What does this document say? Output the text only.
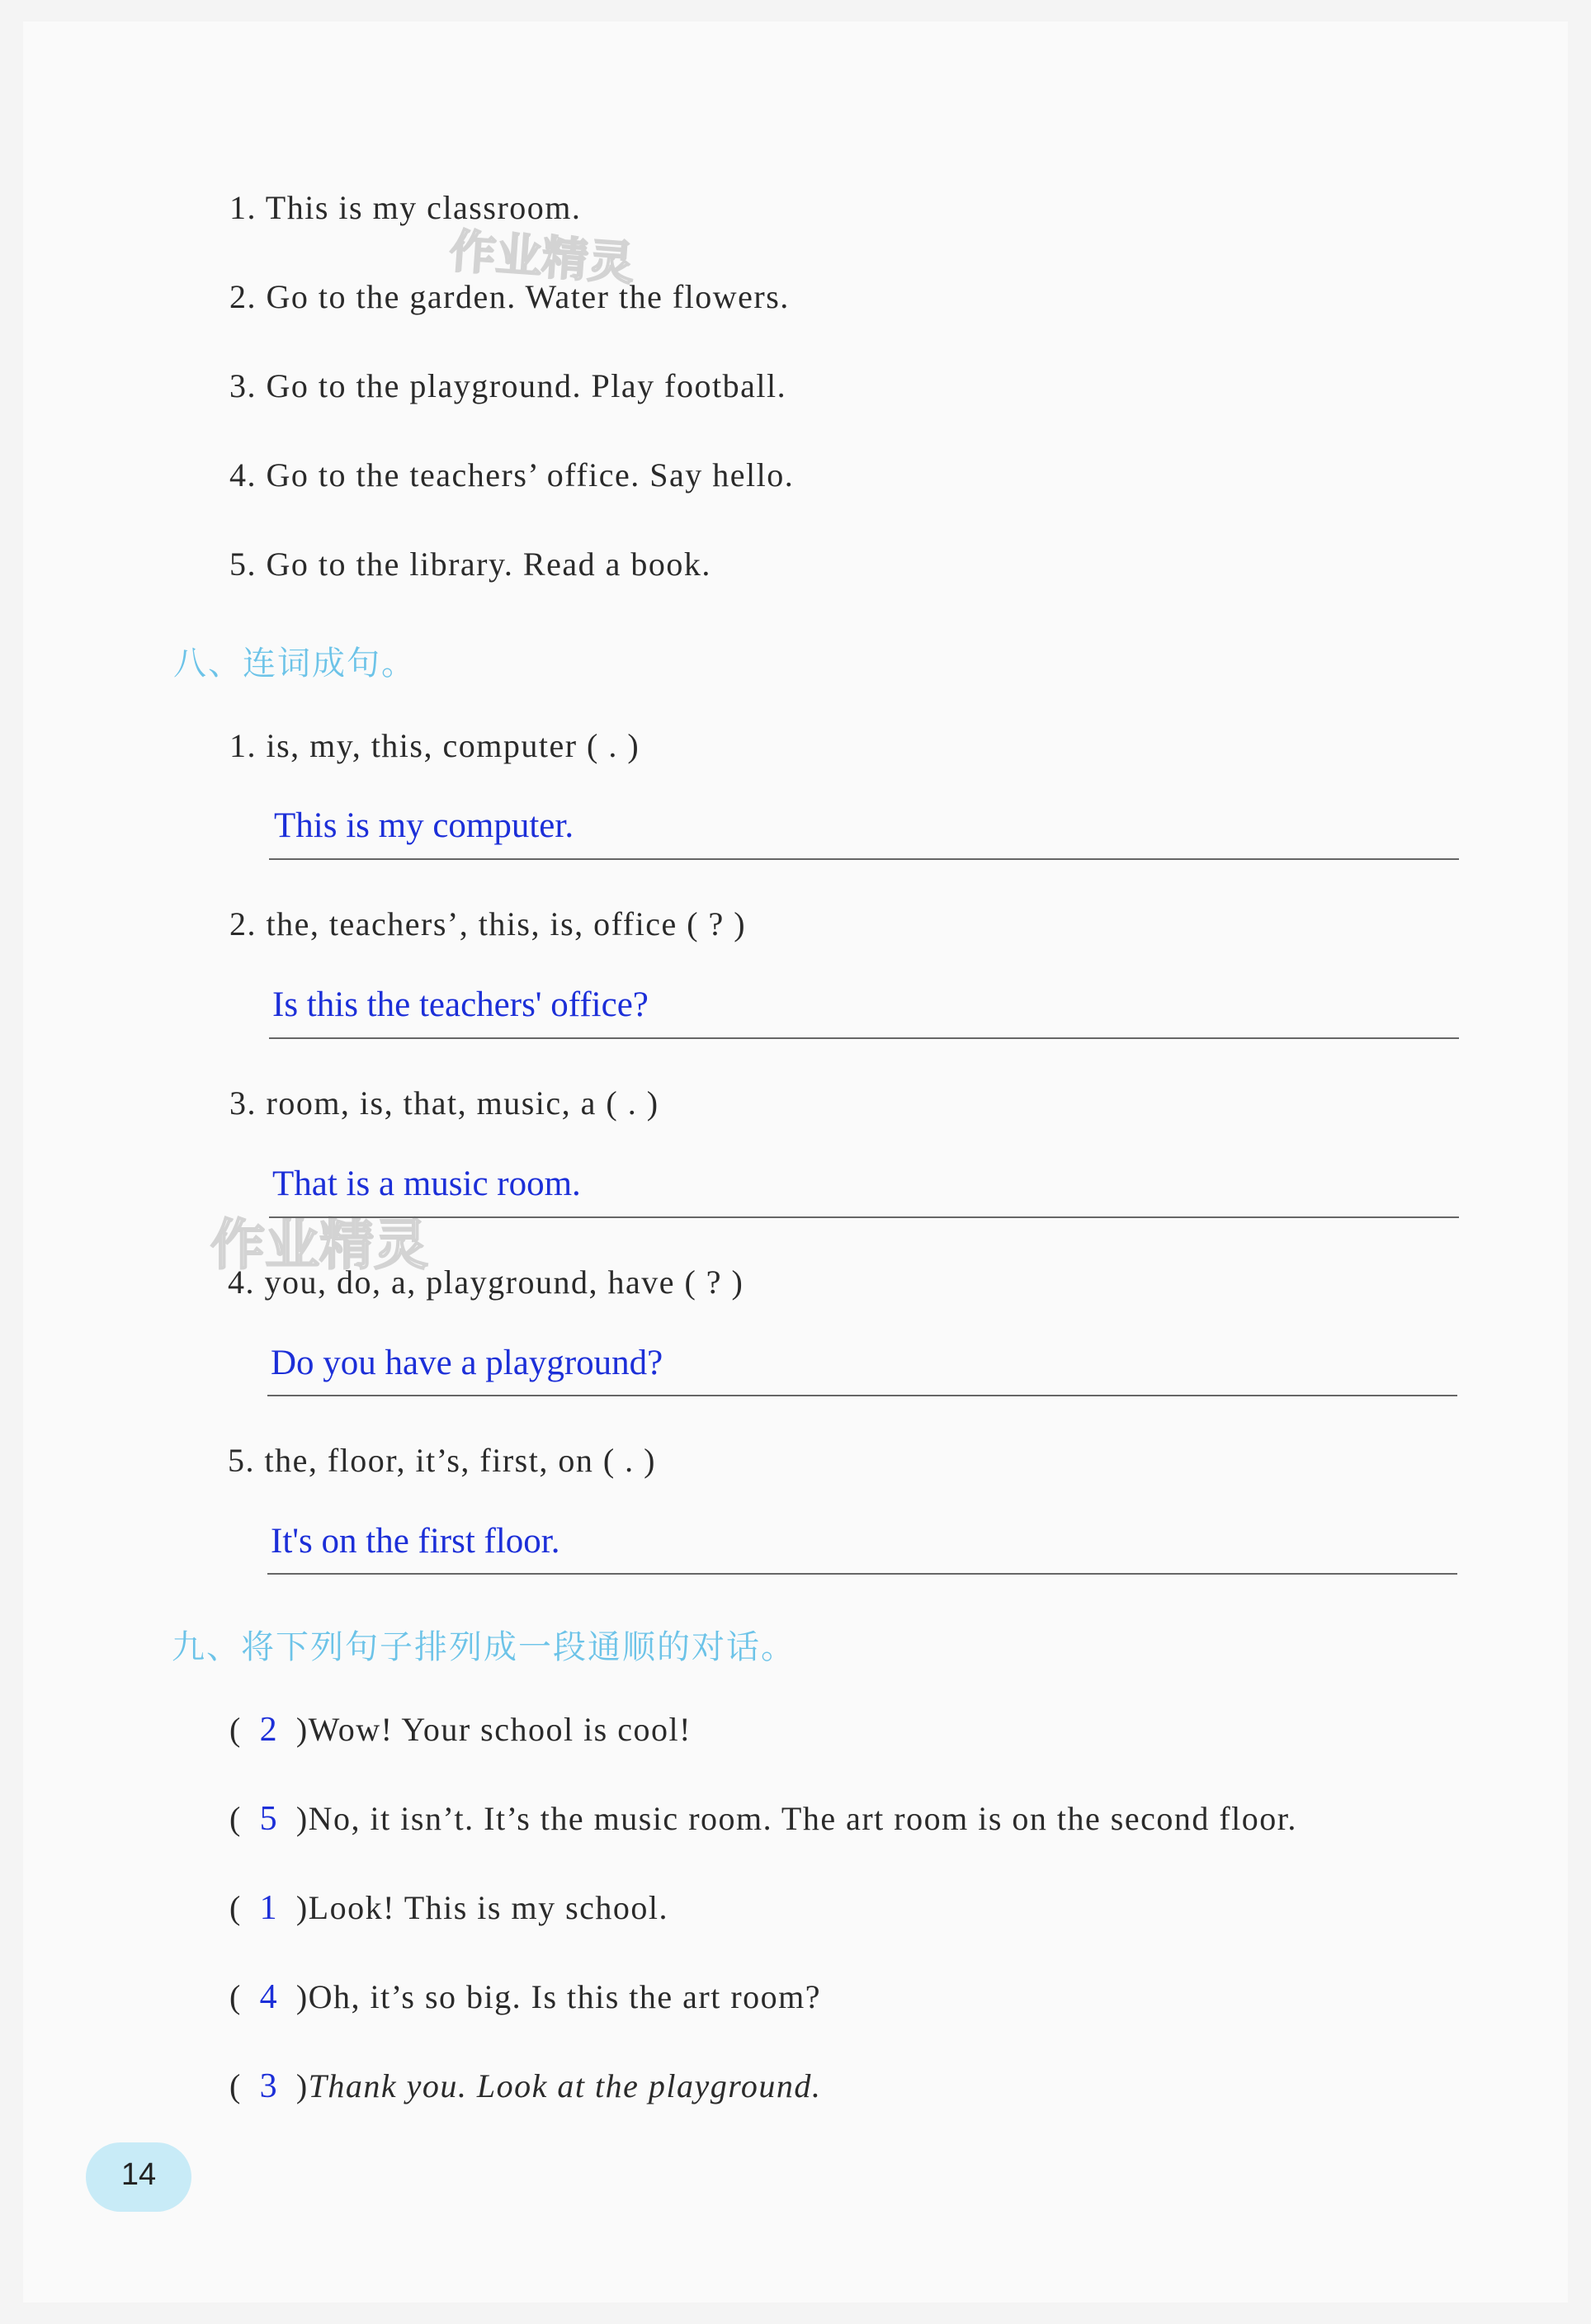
1. This is my classroom.
2. Go to the garden. Water the flowers.
3. Go to the playground. Play football.
4. Go to the teachers’ office. Say hello.
5. Go to the library. Read a book.
作业精灵
作业精灵
八、连词成句。
1. is, my, this, computer ( . )
This is my computer.
2. the, teachers’, this, is, office ( ? )
Is this the teachers' office?
3. room, is, that, music, a ( . )
That is a music room.
4. you, do, a, playground, have ( ? )
Do you have a playground?
5. the, floor, it’s, first, on ( . )
It's on the first floor.
九、将下列句子排列成一段通顺的对话。
( 2 )Wow! Your school is cool!
( 5 )No, it isn’t. It’s the music room. The art room is on the second floor.
( 1 )Look! This is my school.
( 4 )Oh, it’s so big. Is this the art room?
( 3 )Thank you. Look at the playground.
14
